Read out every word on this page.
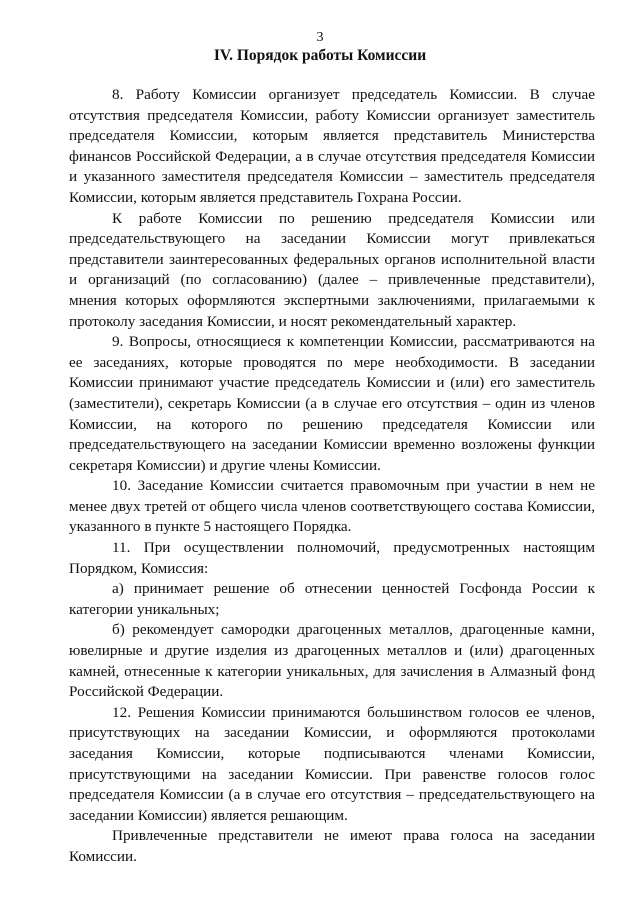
3
IV. Порядок работы Комиссии

8. Работу Комиссии организует председатель Комиссии. В случае отсутствия председателя Комиссии, работу Комиссии организует заместитель председателя Комиссии, которым является представитель Министерства финансов Российской Федерации, а в случае отсутствия председателя Комиссии и указанного заместителя председателя Комиссии – заместитель председателя Комиссии, которым является представитель Гохрана России.

К работе Комиссии по решению председателя Комиссии или председательствующего на заседании Комиссии могут привлекаться представители заинтересованных федеральных органов исполнительной власти и организаций (по согласованию) (далее – привлеченные представители), мнения которых оформляются экспертными заключениями, прилагаемыми к протоколу заседания Комиссии, и носят рекомендательный характер.

9. Вопросы, относящиеся к компетенции Комиссии, рассматриваются на ее заседаниях, которые проводятся по мере необходимости. В заседании Комиссии принимают участие председатель Комиссии и (или) его заместитель (заместители), секретарь Комиссии (а в случае его отсутствия – один из членов Комиссии, на которого по решению председателя Комиссии или председательствующего на заседании Комиссии временно возложены функции секретаря Комиссии) и другие члены Комиссии.

10. Заседание Комиссии считается правомочным при участии в нем не менее двух третей от общего числа членов соответствующего состава Комиссии, указанного в пункте 5 настоящего Порядка.

11. При осуществлении полномочий, предусмотренных настоящим Порядком, Комиссия:

а) принимает решение об отнесении ценностей Госфонда России к категории уникальных;

б) рекомендует самородки драгоценных металлов, драгоценные камни, ювелирные и другие изделия из драгоценных металлов и (или) драгоценных камней, отнесенные к категории уникальных, для зачисления в Алмазный фонд Российской Федерации.

12. Решения Комиссии принимаются большинством голосов ее членов, присутствующих на заседании Комиссии, и оформляются протоколами заседания Комиссии, которые подписываются членами Комиссии, присутствующими на заседании Комиссии. При равенстве голосов голос председателя Комиссии (а в случае его отсутствия – председательствующего на заседании Комиссии) является решающим.

Привлеченные представители не имеют права голоса на заседании Комиссии.
